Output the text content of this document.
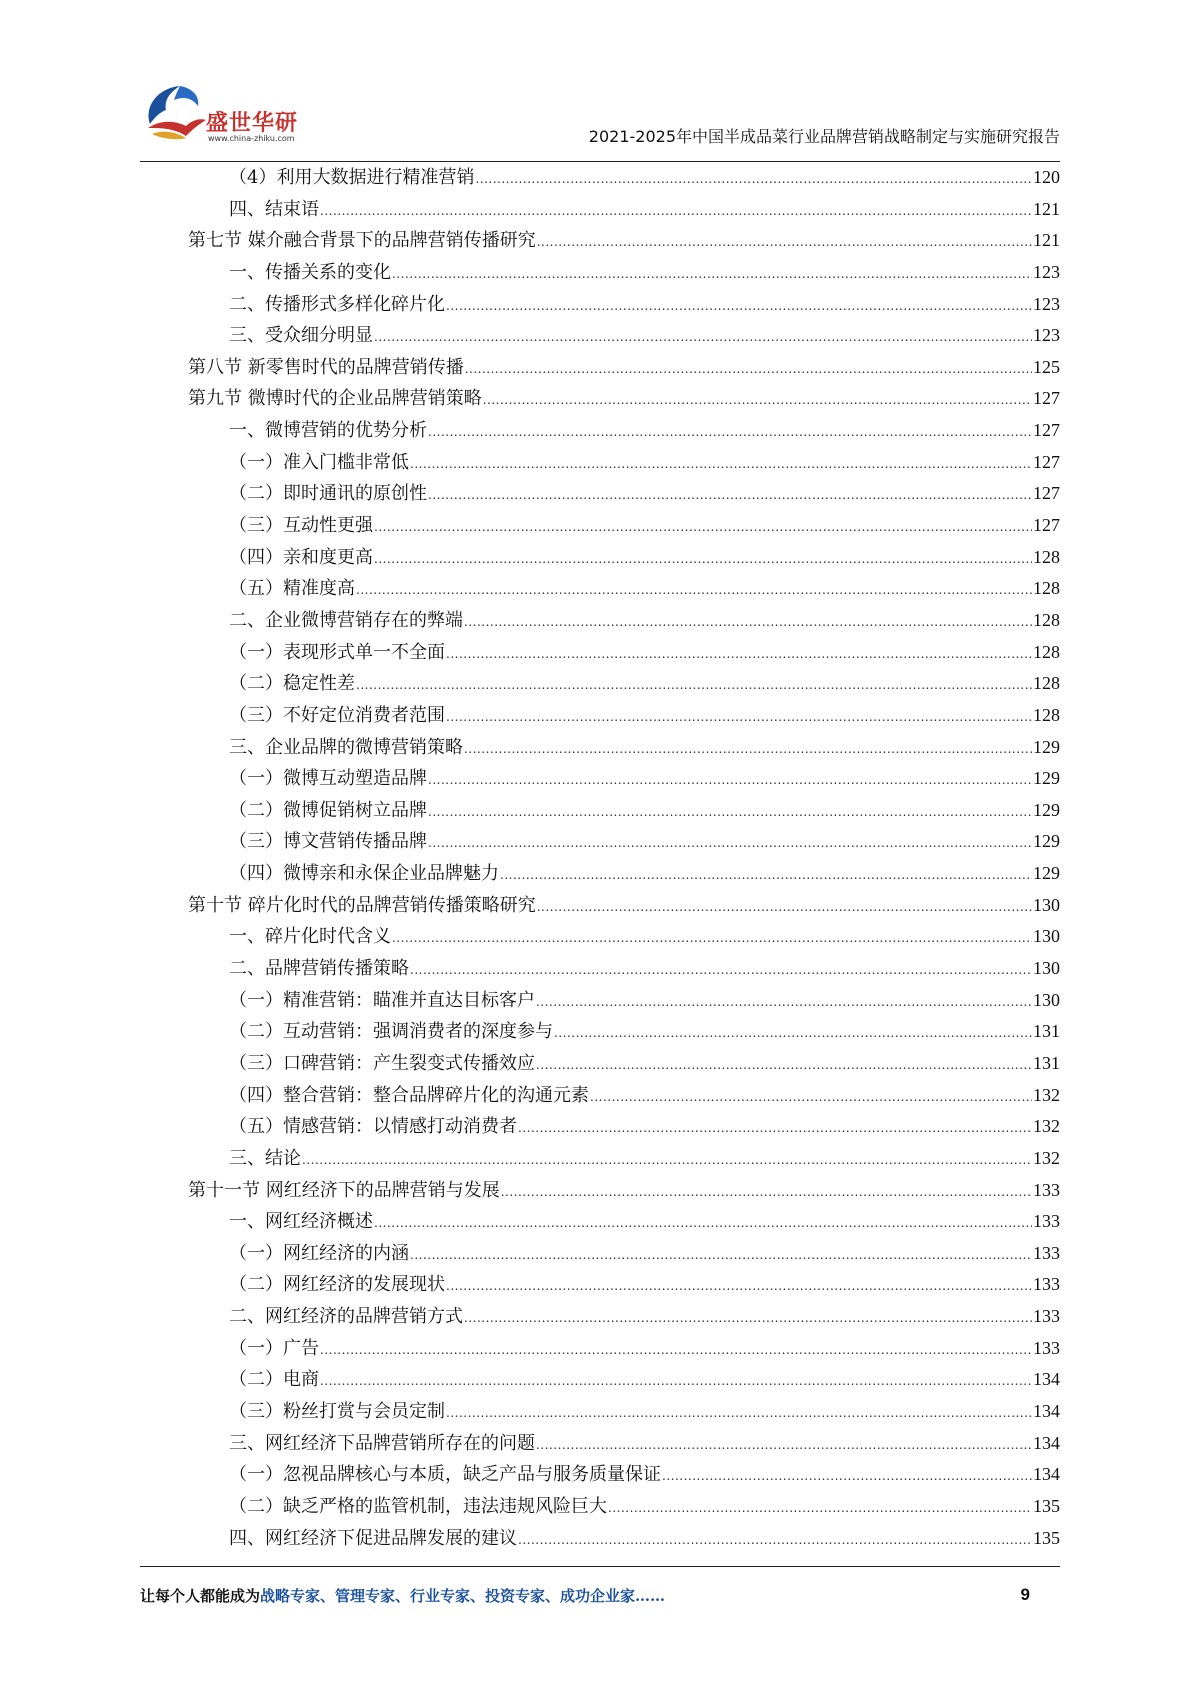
盛世华研
www.china-zhiku.com	2021-2025年中国半成品菜行业品牌营销战略制定与实施研究报告
（4）利用大数据进行精准营销 .....	120
四、结束语 .....	121
第七节 媒介融合背景下的品牌营销传播研究 .....	121
一、传播关系的变化 .....	123
二、传播形式多样化碎片化 .....	123
三、受众细分明显 .....	123
第八节 新零售时代的品牌营销传播 .....	125
第九节 微博时代的企业品牌营销策略 .....	127
一、微博营销的优势分析 .....	127
（一）准入门槛非常低 .....	127
（二）即时通讯的原创性 .....	127
（三）互动性更强 .....	127
（四）亲和度更高 .....	128
（五）精准度高 .....	128
二、企业微博营销存在的弊端 .....	128
（一）表现形式单一不全面 .....	128
（二）稳定性差 .....	128
（三）不好定位消费者范围 .....	128
三、企业品牌的微博营销策略 .....	129
（一）微博互动塑造品牌 .....	129
（二）微博促销树立品牌 .....	129
（三）博文营销传播品牌 .....	129
（四）微博亲和永保企业品牌魅力 .....	129
第十节 碎片化时代的品牌营销传播策略研究 .....	130
一、碎片化时代含义 .....	130
二、品牌营销传播策略 .....	130
（一）精准营销：瞄准并直达目标客户 .....	130
（二）互动营销：强调消费者的深度参与 .....	131
（三）口碑营销：产生裂变式传播效应 .....	131
（四）整合营销：整合品牌碎片化的沟通元素 .....	132
（五）情感营销：以情感打动消费者 .....	132
三、结论 .....	132
第十一节 网红经济下的品牌营销与发展 .....	133
一、网红经济概述 .....	133
（一）网红经济的内涵 .....	133
（二）网红经济的发展现状 .....	133
二、网红经济的品牌营销方式 .....	133
（一）广告 .....	133
（二）电商 .....	134
（三）粉丝打赏与会员定制 .....	134
三、网红经济下品牌营销所存在的问题 .....	134
（一）忽视品牌核心与本质，缺乏产品与服务质量保证 .....	134
（二）缺乏严格的监管机制，违法违规风险巨大 .....	135
四、网红经济下促进品牌发展的建议 .....	135
让每个人都能成为战略专家、管理专家、行业专家、投资专家、成功企业家……	9
